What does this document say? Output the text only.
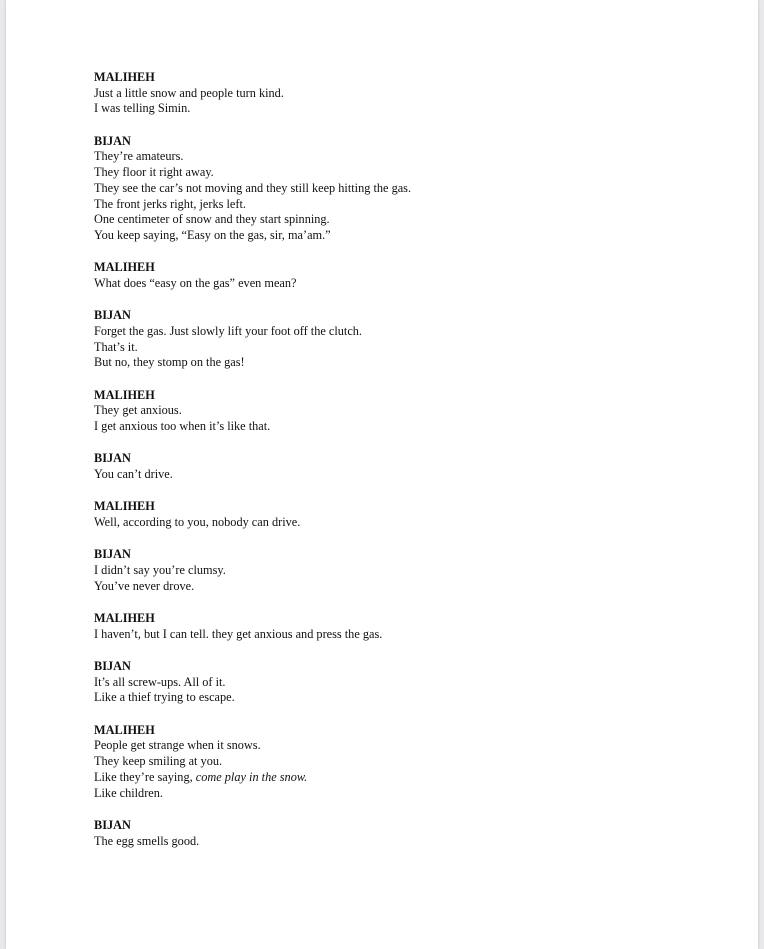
MALIHEH
Just a little snow and people turn kind.
I was telling Simin.
BIJAN
They’re amateurs.
They floor it right away.
They see the car’s not moving and they still keep hitting the gas.
The front jerks right, jerks left.
One centimeter of snow and they start spinning.
You keep saying, “Easy on the gas, sir, ma’am.”
MALIHEH
What does “easy on the gas” even mean?
BIJAN
Forget the gas. Just slowly lift your foot off the clutch.
That’s it.
But no, they stomp on the gas!
MALIHEH
They get anxious.
I get anxious too when it’s like that.
BIJAN
You can’t drive.
MALIHEH
Well, according to you, nobody can drive.
BIJAN
I didn’t say you’re clumsy.
You’ve never drove.
MALIHEH
I haven’t, but I can tell. they get anxious and press the gas.
BIJAN
It’s all screw-ups. All of it.
Like a thief trying to escape.
MALIHEH
People get strange when it snows.
They keep smiling at you.
Like they’re saying, come play in the snow.
Like children.
BIJAN
The egg smells good.
